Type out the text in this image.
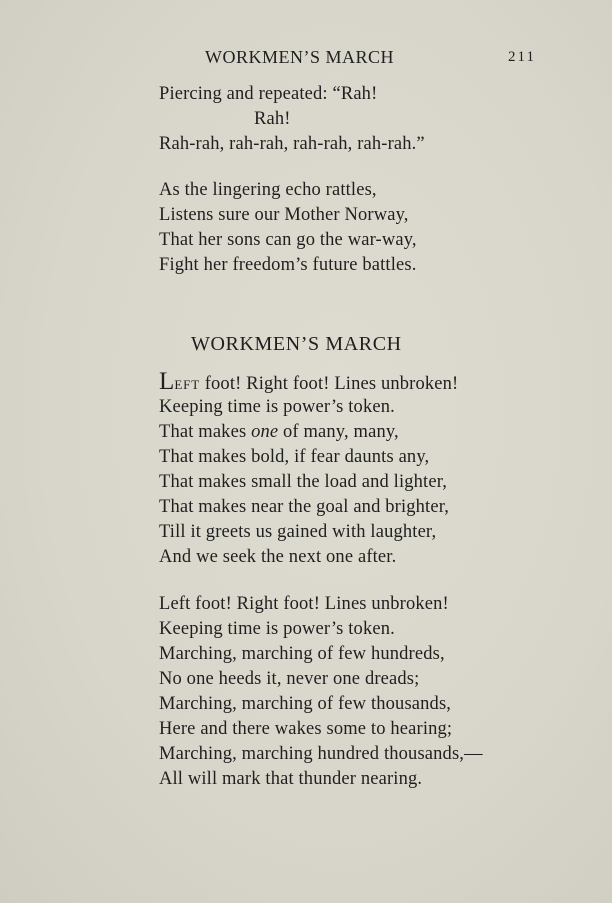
WORKMEN’S MARCH	211
Piercing and repeated: “Rah!
Rah!
Rah-rah, rah-rah, rah-rah, rah-rah.”
As the lingering echo rattles,
Listens sure our Mother Norway,
That her sons can go the war-way,
Fight her freedom’s future battles.
WORKMEN’S MARCH
LEFT foot! Right foot! Lines unbroken!
Keeping time is power’s token.
That makes one of many, many,
That makes bold, if fear daunts any,
That makes small the load and lighter,
That makes near the goal and brighter,
Till it greets us gained with laughter,
And we seek the next one after.
Left foot! Right foot! Lines unbroken!
Keeping time is power’s token.
Marching, marching of few hundreds,
No one heeds it, never one dreads;
Marching, marching of few thousands,
Here and there wakes some to hearing;
Marching, marching hundred thousands,—
All will mark that thunder nearing.
